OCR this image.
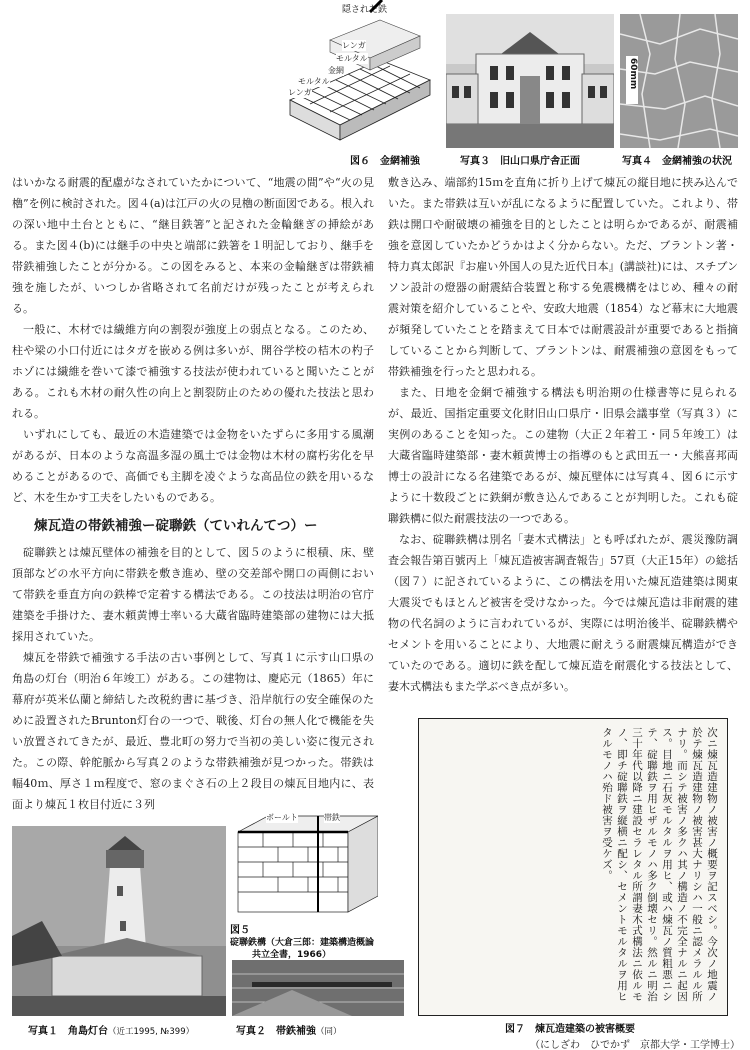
隠された鉄
レンガ
モルタル
金網
モルタル
レンガ
図６　金網補強	写真３　旧山口県庁舎正面
60mm
写真４　金網補強の状況

はいかなる耐震的配慮がなされていたかについて、“地震の間”や“火の見櫓”を例に検討された。図４(a)は江戸の火の見櫓の断面図である。根入れの深い地中土台とともに、“継目鉄箸”と記された金輪継ぎの挿絵がある。また図４(b)には継手の中央と端部に鉄箸を１明記しており、継手を帯鉄補強したことが分かる。この図をみると、本来の金輪継ぎは帯鉄補強を施したが、いつしか省略されて名前だけが残ったことが考えられる。

一般に、木材では繊維方向の割裂が強度上の弱点となる。このため、柱や梁の小口付近にはタガを嵌める例は多いが、開谷学校の桔木の杓子ホゾには繊維を巻いて漆で補強する技法が使われていると聞いたことがある。これも木材の耐久性の向上と割裂防止のための優れた技法と思われる。

いずれにしても、最近の木造建築では金物をいたずらに多用する風潮があるが、日本のような高温多湿の風土では金物は木材の腐朽劣化を早めることがあるので、高価でも主脚を凌ぐような高品位の鉄を用いるなど、木を生かす工夫をしたいものである。

煉瓦造の帯鉄補強ー碇聯鉄（ていれんてつ）ー

碇聯鉄とは煉瓦壁体の補強を目的として、図５のように根積、床、壁頂部などの水平方向に帯鉄を敷き進め、壁の交差部や開口の両側において帯鉄を垂直方向の鉄棒で定着する構法である。この技法は明治の官庁建築を手掛けた、妻木頼黄博士率いる大蔵省臨時建築部の建物には大抵採用されていた。

煉瓦を帯鉄で補強する手法の古い事例として、写真１に示す山口県の角島の灯台（明治６年竣工）がある。この建物は、慶応元（1865）年に幕府が英米仏蘭と締結した改税約書に基づき、沿岸航行の安全確保のために設置されたBrunton灯台の一つで、戦後、灯台の無人化で機能を失い放置されてきたが、最近、豊北町の努力で当初の美しい姿に復元された。この際、幹舵脈から写真２のような帯鉄補強が見つかった。帯鉄は幅40ｍ、厚さ１ｍ程度で、窓のまぐさ石の上２段目の煉瓦目地内に、表面より煉瓦１枚目付近に３列

敷き込み、端部約15ｍを直角に折り上げて煉瓦の縦目地に挟み込んでいた。また帯鉄は互いが乱になるように配置していた。これより、帯鉄は開口や耐破壊の補強を目的としたことは明らかであるが、耐震補強を意図していたかどうかはよく分からない。ただ、ブラントン著・特力真太郎訳『お雇い外国人の見た近代日本』(講談社)には、スチブンソン設計の燈器の耐震結合装置と称する免震機構をはじめ、種々の耐震対策を紹介していることや、安政大地震（1854）など幕末に大地震が頻発していたことを踏まえて日本では耐震設計が重要であると指摘していることから判断して、ブラントンは、耐震補強の意図をもって帯鉄補強を行ったと思われる。

また、日地を金網で補強する構法も明治期の仕様書等に見られるが、最近、国指定重要文化財旧山口県庁・旧県会議事堂（写真３）に実例のあることを知った。この建物（大正２年着工・同５年竣工）は大蔵省臨時建築部・妻木頼黄博士の指導のもと武田五一・大熊喜邦両博士の設計になる名建築であるが、煉瓦壁体には写真４、図６に示すように十数段ごとに鉄網が敷き込んであることが判明した。これも碇聯鉄構に似た耐震技法の一つである。

なお、碇聯鉄構は別名「妻木式構法」とも呼ばれたが、震災豫防調査会報告第百號丙上「煉瓦造被害調査報告」57頁（大正15年）の総括（図７）に記されているように、この構法を用いた煉瓦造建築は関東大震災でもほとんど被害を受けなかった。今では煉瓦造は非耐震的建物の代名詞のように言われているが、実際には明治後半、碇聯鉄構やセメントを用いることにより、大地震に耐えうる耐震煉瓦構造ができていたのである。適切に鉄を配して煉瓦造を耐震化する技法として、妻木式構法もまた学ぶべき点が多い。

ボールト	帯鉄
図５
碇聯鉄構（大倉三郎：建築構造概論
共立全書，1966）
写真１　角島灯台（近工1995, №399）	写真２　帯鉄補強（同）
次ニ煉瓦造建物ノ被害ノ概要ヲ記スベシ。今次ノ地震ノ於テ煉瓦造建物ノ被害甚大ナリシハ一般ニ認メラルル所ナリ。而シテ被害ノ多クハ其ノ構造ノ不完全ナルニ起因ス。目地ニ石灰モルタルヲ用ヒ、或ハ煉瓦ノ質粗悪ニシテ、碇聯鉄ヲ用ヒザルモノハ多ク倒壊セリ。然ルニ明治三十年代以降ニ建設セラレタル所謂妻木式構法ニ依ルモノ、即チ碇聯鉄ヲ縦横ニ配シ、セメントモルタルヲ用ヒタルモノハ殆ド被害ヲ受ケズ。
図７　煉瓦造建築の被害概要
（にしざわ　ひでかず　京都大学・工学博士）
